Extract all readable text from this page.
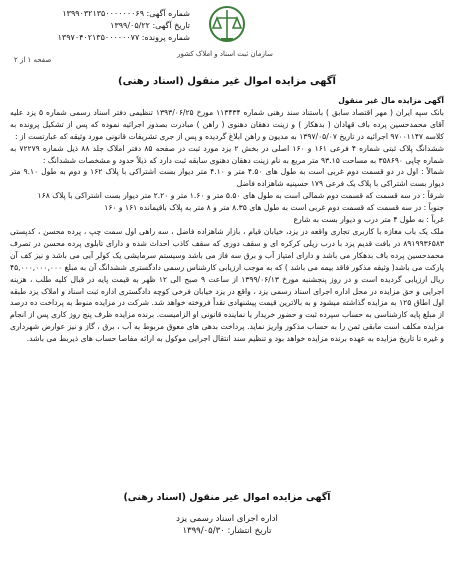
شماره آگهی: ۱۳۹۹۰۳۲۱۳۵۰۰۰۰۰۰۰۶۹
تاریخ آگهی: ۱۳۹۹/۰۵/۲۲
شماره پرونده: ۱۳۹۷۰۴۰۲۱۳۵۰۰۰۰۰۰۷۷
صفحه ۱ از ۲
سازمان ثبت اسناد و املاک کشور
آگهی مزایده اموال غیر منقول (اسناد رهنی)

آگهی مزایده مال غیر منقول

بانک سپه ایران ( مهر اقتصاد سابق ) باستناد سند رهنی شماره ۱۱۳۴۳۴ مورخ ۱۳۹۳/۰۶/۲۵ تنظیمی دفتر اسناد رسمی شماره ۵ یزد علیه آقای محمدحسین پرده باف قهادان ( بدهکار ) و زینت دهقان دهنوی ( راهن ) مبادرت بصدور اجرائیه نموده که پس از تشکیل پرونده به کلاسه ۹۷۰۰۱۱۴۷ اجرائیه در تاریخ ۱۳۹۷/۰۵/۰۷ به مدیون و راهن ابلاغ گردیده و پس از جری تشریفات قانونی مورد وثیقه که عبارتست از :

ششدانگ پلاک ثبتی شماره ۴ فرعی ۱۶۱ و ۱۶۰ اصلی در بخش ۲ یزد مورد ثبت در صفحه ۸۵ دفتر املاک جلد ۸۸ ذیل شماره ۷۲۲۷۹ به شماره چاپی ۳۵۸۶۹۰ به مساحت ۹۳.۱۵ متر مربع به نام زینت دهقان دهنوی سابقه ثبت دارد که ذیلاً حدود و مشخصات ششدانگ :

شمالاً : اول در دو قسمت دوم غربی است به طول های ۴.۵۰ متر و ۴.۱۰ متر دیوار بست اشتراکی با پلاک ۱۶۲ و دوم به طول ۹.۱۰ متر دیوار بست اشتراکی با پلاک یک فرعی ۱۷۹ حسینیه شاهزاده فاضل

شرقاً : در سه قسمت که قسمت دوم شمالی است به طول های ۵.۵۰ متر و ۱.۶۰ متر و ۲.۲۰ متر دیوار بست اشتراکی با پلاک ۱۶۸

جنوباً : در سه قسمت که قسمت دوم غربی است به طول های ۸.۳۵ متر و ۸ متر به پلاک باقیمانده ۱۶۱ و ۱۶۰

غرباً : به طول ۴ متر درب و دیوار بست به شارع

ملک یک باب مغازه با کاربری تجاری واقعه در یزد، خیابان قیام ، بازار شاهزاده فاضل ، سه راهی اول سمت چپ ، پرده محسن ، کدپستی ۸۹۱۹۹۳۶۵۸۳ در بافت قدیم یزد با درب ریلی کرکره ای و سقف دوری که سقف کاذب احداث شده و دارای تابلوی پرده محسن در تصرف محمدحسین پرده باف بدهکار می باشد و دارای امتیاز آب و برق سه فاز می باشد وسیستم سرمایشی یک کولر آبی می باشد و نیز کف آن پارکت می باشد( وثیقه مذکور فاقد بیمه می باشد ) که به موجب ارزیابی کارشناس رسمی دادگستری ششدانگ آن به مبلغ ۴۵,۰۰۰,۰۰۰,۰۰۰ ریال ارزیابی گردیده است و در روز پنجشنبه مورخ ۱۳۹۹/۰۶/۱۳ از ساعت ۹ صبح الی ۱۲ ظهر به قیمت پایه در قبال کلیه طلب ، هزینه اجرایی و حق مزایده در محل اداره اجرای اسناد رسمی یزد ، واقع در یزد خیابان فرخی کوچه دادگستری اداره ثبت اسناد و املاک یزد طبقه اول اطاق ۱۲۵ به مزایده گذاشته میشود و به بالاترین قیمت پیشنهادی نقداً فروخته خواهد شد. شرکت در مزایده منوط به پرداخت ده درصد از مبلغ پایه کارشناسی به حساب سپرده ثبت و حضور خریدار یا نماینده قانونی او الزامیست. برنده مزایده ظرف پنج روز کاری پس از انجام مزایده مکلف است مابقی ثمن را به حساب مذکور واریز نماید. پرداخت بدهی های معوق مربوط به آب ، برق ، گاز و نیز عوارض شهرداری و غیره تا تاریخ مزایده به عهده برنده مزایده خواهد بود و تنظیم سند انتقال اجرایی موکول به ارائه مفاصا حساب های ذیربط می باشد.

آگهی مزایده اموال غیر منقول (اسناد رهنی)
اداره اجرای اسناد رسمی یزد
تاریخ انتشار: ۱۳۹۹/۰۵/۳۰
